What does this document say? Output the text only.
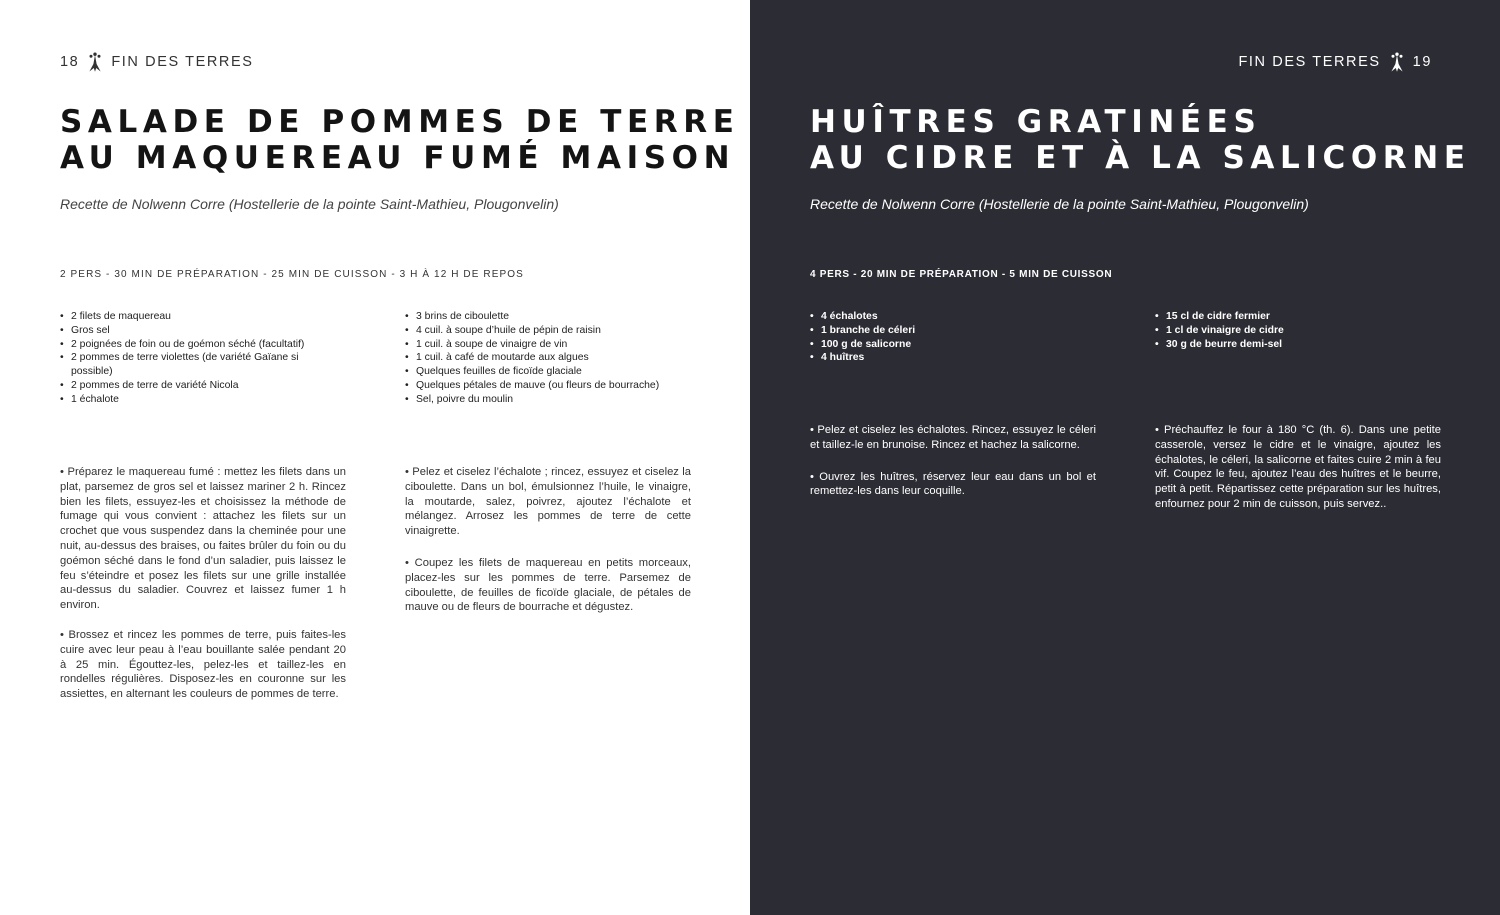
18 FIN DES TERRES
SALADE DE POMMES DE TERRE
AU MAQUEREAU FUMÉ MAISON
Recette de Nolwenn Corre (Hostellerie de la pointe Saint-Mathieu, Plougonvelin)
2 PERS - 30 MIN DE PRÉPARATION - 25 MIN DE CUISSON - 3 H À 12 H DE REPOS
• 2 filets de maquereau
• Gros sel
• 2 poignées de foin ou de goémon séché (facultatif)
• 2 pommes de terre violettes (de variété Gaïane si possible)
• 2 pommes de terre de variété Nicola
• 1 échalote
• 3 brins de ciboulette
• 4 cuil. à soupe d’huile de pépin de raisin
• 1 cuil. à soupe de vinaigre de vin
• 1 cuil. à café de moutarde aux algues
• Quelques feuilles de ficoïde glaciale
• Quelques pétales de mauve (ou fleurs de bourrache)
• Sel, poivre du moulin

• Préparez le maquereau fumé : mettez les filets dans un plat, parsemez de gros sel et laissez mariner 2 h. Rincez bien les filets, essuyez-les et choisissez la méthode de fumage qui vous convient : attachez les filets sur un crochet que vous suspendez dans la cheminée pour une nuit, au-dessus des braises, ou faites brûler du foin ou du goémon séché dans le fond d’un saladier, puis laissez le feu s’éteindre et posez les filets sur une grille installée au-dessus du saladier. Couvrez et laissez fumer 1 h environ.

• Brossez et rincez les pommes de terre, puis faites-les cuire avec leur peau à l’eau bouillante salée pendant 20 à 25 min. Égouttez-les, pelez-les et taillez-les en rondelles régulières. Disposez-les en couronne sur les assiettes, en alternant les couleurs de pommes de terre.

• Pelez et ciselez l’échalote ; rincez, essuyez et ciselez la ciboulette. Dans un bol, émulsionnez l’huile, le vinaigre, la moutarde, salez, poivrez, ajoutez l’échalote et mélangez. Arrosez les pommes de terre de cette vinaigrette.

• Coupez les filets de maquereau en petits morceaux, placez-les sur les pommes de terre. Parsemez de ciboulette, de feuilles de ficoïde glaciale, de pétales de mauve ou de fleurs de bourrache et dégustez.

FIN DES TERRES 19
HUÎTRES GRATINÉES
AU CIDRE ET À LA SALICORNE
Recette de Nolwenn Corre (Hostellerie de la pointe Saint-Mathieu, Plougonvelin)
4 PERS - 20 MIN DE PRÉPARATION - 5 MIN DE CUISSON
• 4 échalotes
• 1 branche de céleri
• 100 g de salicorne
• 4 huîtres
• 15 cl de cidre fermier
• 1 cl de vinaigre de cidre
• 30 g de beurre demi-sel

• Pelez et ciselez les échalotes. Rincez, essuyez le céleri et taillez-le en brunoise. Rincez et hachez la salicorne.

• Ouvrez les huîtres, réservez leur eau dans un bol et remettez-les dans leur coquille.

• Préchauffez le four à 180 °C (th. 6). Dans une petite casserole, versez le cidre et le vinaigre, ajoutez les échalotes, le céleri, la salicorne et faites cuire 2 min à feu vif. Coupez le feu, ajoutez l’eau des huîtres et le beurre, petit à petit. Répartissez cette préparation sur les huîtres, enfournez pour 2 min de cuisson, puis servez..
